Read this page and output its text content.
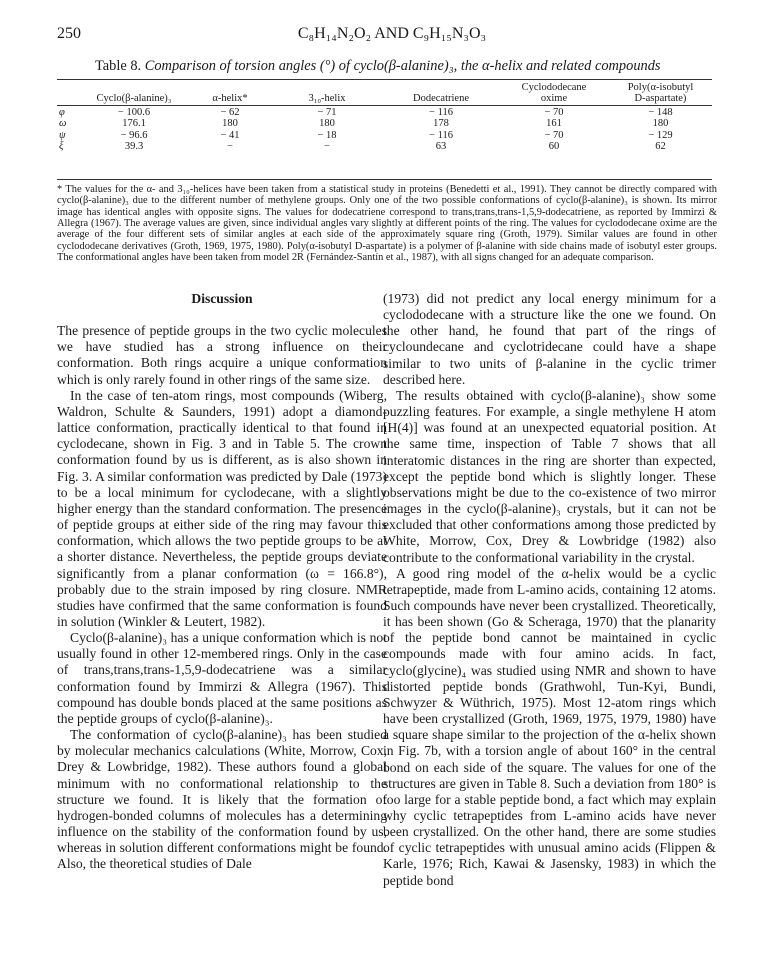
250	C₈H₁₄N₂O₂ AND C₉H₁₅N₃O₃
Table 8. Comparison of torsion angles (°) of cyclo(β-alanine)₃, the α-helix and related compounds
					Cyclododecane	Poly(α-isobutyl
	Cyclo(β-alanine)₃	α-helix*	3₁₀-helix	Dodecatriene	oxime	D-aspartate)

φ	− 100.6	− 62	− 71	− 116	− 70	− 148
ω	176.1	180	180	178	161	180
ψ	− 96.6	− 41	− 18	− 116	− 70	− 129
ξ	39.3	−	−	63	60	62

* The values for the α- and 3₁₀-helices have been taken from a statistical study in proteins (Benedetti et al., 1991). They cannot be directly compared with cyclo(β-alanine)₃ due to the different number of methylene groups. Only one of the two possible conformations of cyclo(β-alanine)₃ is shown. Its mirror image has identical angles with opposite signs. The values for dodecatriene correspond to trans,trans,trans-1,5,9-dodecatriene, as reported by Immirzi & Allegra (1967). The average values are given, since individual angles vary slightly at different points of the ring. The values for cyclododecane oxime are the average of the four different sets of similar angles at each side of the approximately square ring (Groth, 1979). Similar values are found in other cyclododecane derivatives (Groth, 1969, 1975, 1980). Poly(α-isobutyl D-aspartate) is a polymer of β-alanine with side chains made of isobutyl ester groups. The conformational angles have been taken from model 2R (Fernández-Santín et al., 1987), with all signs changed for an adequate comparison.

Discussion

The presence of peptide groups in the two cyclic molecules we have studied has a strong influence on their conformation. Both rings acquire a unique conformation which is only rarely found in other rings of the same size.

In the case of ten-atom rings, most compounds (Wiberg, Waldron, Schulte & Saunders, 1991) adopt a diamond-lattice conformation, practically identical to that found in cyclodecane, shown in Fig. 3 and in Table 5. The crown conformation found by us is different, as is also shown in Fig. 3. A similar conformation was predicted by Dale (1973) to be a local minimum for cyclodecane, with a slightly higher energy than the standard conformation. The presence of peptide groups at either side of the ring may favour this conformation, which allows the two peptide groups to be at a shorter distance. Nevertheless, the peptide groups deviate significantly from a planar conformation (ω = 166.8°), probably due to the strain imposed by ring closure. NMR studies have confirmed that the same conformation is found in solution (Winkler & Leutert, 1982).

Cyclo(β-alanine)₃ has a unique conformation which is not usually found in other 12-membered rings. Only in the case of trans,trans,trans-1,5,9-dodecatriene was a similar conformation found by Immirzi & Allegra (1967). This compound has double bonds placed at the same positions as the peptide groups of cyclo(β-alanine)₃.

The conformation of cyclo(β-alanine)₃ has been studied by molecular mechanics calculations (White, Morrow, Cox, Drey & Lowbridge, 1982). These authors found a global minimum with no conformational relationship to the structure we found. It is likely that the formation of hydrogen-bonded columns of molecules has a determining influence on the stability of the conformation found by us, whereas in solution different conformations might be found. Also, the theoretical studies of Dale

(1973) did not predict any local energy minimum for a cyclododecane with a structure like the one we found. On the other hand, he found that part of the rings of cycloundecane and cyclotridecane could have a shape similar to two units of β-alanine in the cyclic trimer described here.

The results obtained with cyclo(β-alanine)₃ show some puzzling features. For example, a single methylene H atom [H(4)] was found at an unexpected equatorial position. At the same time, inspection of Table 7 shows that all interatomic distances in the ring are shorter than expected, except the peptide bond which is slightly longer. These observations might be due to the co-existence of two mirror images in the cyclo(β-alanine)₃ crystals, but it can not be excluded that other conformations among those predicted by White, Morrow, Cox, Drey & Lowbridge (1982) also contribute to the conformational variability in the crystal.

A good ring model of the α-helix would be a cyclic tetrapeptide, made from L-amino acids, containing 12 atoms. Such compounds have never been crystallized. Theoretically, it has been shown (Go & Scheraga, 1970) that the planarity of the peptide bond cannot be maintained in cyclic compounds made with four amino acids. In fact, cyclo(glycine)₄ was studied using NMR and shown to have distorted peptide bonds (Grathwohl, Tun-Kyi, Bundi, Schwyzer & Wüthrich, 1975). Most 12-atom rings which have been crystallized (Groth, 1969, 1975, 1979, 1980) have a square shape similar to the projection of the α-helix shown in Fig. 7b, with a torsion angle of about 160° in the central bond on each side of the square. The values for one of the structures are given in Table 8. Such a deviation from 180° is too large for a stable peptide bond, a fact which may explain why cyclic tetrapeptides from L-amino acids have never been crystallized. On the other hand, there are some studies of cyclic tetrapeptides with unusual amino acids (Flippen & Karle, 1976; Rich, Kawai & Jasensky, 1983) in which the peptide bond
